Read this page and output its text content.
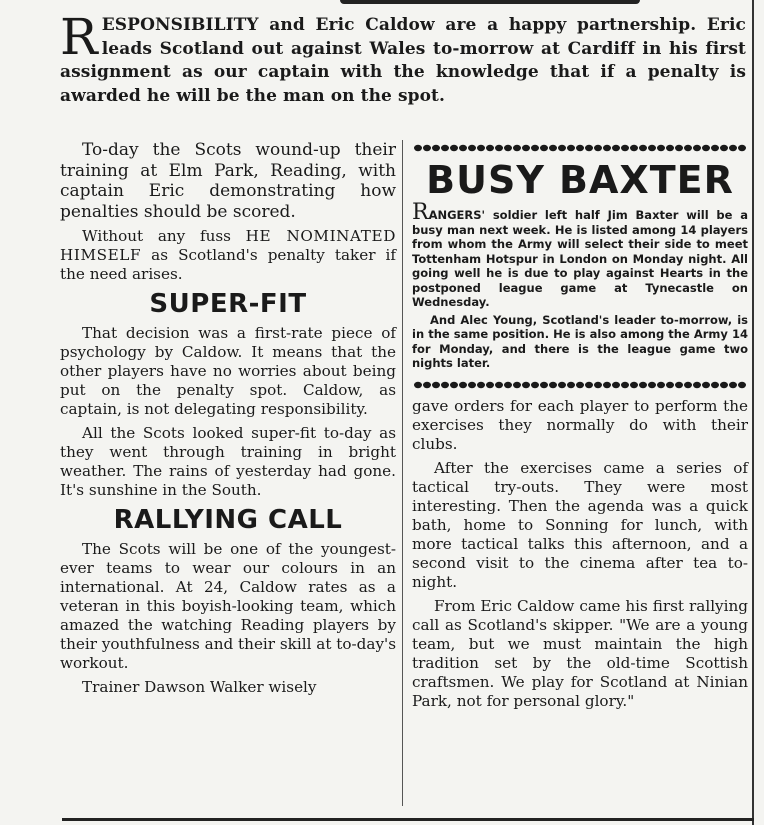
RESPONSIBILITY and Eric Caldow are a happy partnership. Eric leads Scotland out against Wales to-morrow at Cardiff in his first assignment as our captain with the knowledge that if a penalty is awarded he will be the man on the spot.

To-day the Scots wound-up their training at Elm Park, Reading, with captain Eric demonstrating how penalties should be scored.

Without any fuss HE NOMINATED HIMSELF as Scotland's penalty taker if the need arises.

SUPER-FIT

That decision was a first-rate piece of psychology by Caldow. It means that the other players have no worries about being put on the penalty spot. Caldow, as captain, is not delegating responsibility.

All the Scots looked super-fit to-day as they went through training in bright weather. The rains of yesterday had gone. It's sunshine in the South.

RALLYING CALL

The Scots will be one of the youngest-ever teams to wear our colours in an international. At 24, Caldow rates as a veteran in this boyish-looking team, which amazed the watching Reading players by their youthfulness and their skill at to-day's workout.

Trainer Dawson Walker wisely

BUSY BAXTER

RANGERS' soldier left half Jim Baxter will be a busy man next week. He is listed among 14 players from whom the Army will select their side to meet Tottenham Hotspur in London on Monday night. All going well he is due to play against Hearts in the postponed league game at Tynecastle on Wednesday.

And Alec Young, Scotland's leader to-morrow, is in the same position. He is also among the Army 14 for Monday, and there is the league game two nights later.

gave orders for each player to perform the exercises they normally do with their clubs.

After the exercises came a series of tactical try-outs. They were most interesting. Then the agenda was a quick bath, home to Sonning for lunch, with more tactical talks this afternoon, and a second visit to the cinema after tea to-night.

From Eric Caldow came his first rallying call as Scotland's skipper. "We are a young team, but we must maintain the high tradition set by the old-time Scottish craftsmen. We play for Scotland at Ninian Park, not for personal glory."
